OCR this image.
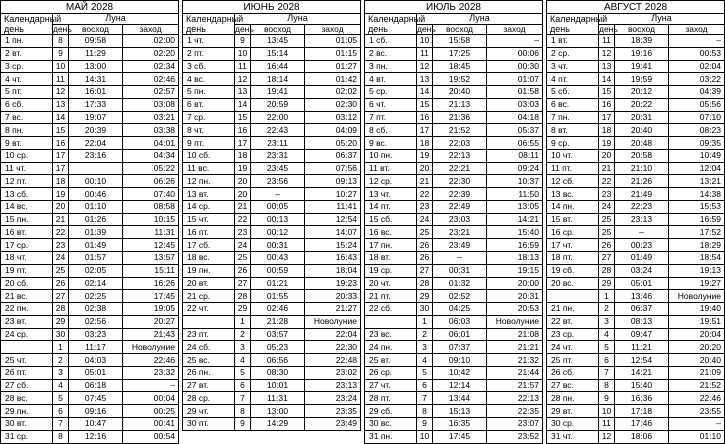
МАЙ 2028			
Календарный
день	Луна		
	день	восход	заход
1 пн.	8	09:58	02:00
2 вт.	9	11:29	02:20
3 ср.	10	13:00	02:34
4 чт.	11	14:31	02:46
5 пт.	12	16:01	02:57
6 сб.	13	17:33	03:08
7 вс.	14	19:07	03:21
8 пн.	15	20:39	03:38
9 вт.	16	22:04	04:01
10 ср.	17	23:16	04:34
11 чт.	17		05:22
12 пт.	18	00:10	06:26
13 сб.	19	00:46	07:40
14 вс.	20	01:10	08:58
15 пн.	21	01:26	10:15
16 вт.	22	01:39	11:31
17 ср.	23	01:49	12:45
18 чт.	24	01:57	13:57
19 пт.	25	02:05	15:11
20 сб.	26	02:14	16:26
21 вс.	27	02:25	17:45
22 пн.	28	02:38	19:05
23 вт.	29	02:56	20:27
24 ср.	30	03:23	21:43
	1	11:17	Новолуние
25 чт.	2	04:03	22:46
26 пт.	3	05:01	23:32
27 сб.	4	06:18	–
28 вс.	5	07:45	00:04
29 пн.	6	09:16	00:25
30 вт.	7	10:47	00:41
31 ср.	8	12:16	00:54
ИЮНЬ 2028			
Календарный
день	Луна		
	день	восход	заход
1 чт.	9	13:45	01:05
2 пт.	10	15:14	01:15
3 сб.	11	16:44	01:27
4 вс.	12	18:14	01:42
5 пн.	13	19:41	02:02
6 вт.	14	20:59	02:30
7 ср.	15	22:00	03:12
8 чт.	16	22:43	04:09
9 пт.	17	23:11	05:20
10 сб.	18	23:31	06:37
11 вс.	19	23:45	07:56
12 пн.	20	23:56	09:13
13 вт.	20	–	10:27
14 ср.	21	00:05	11:41
15 чт.	22	00:13	12:54
16 пт.	23	00:12	14:07
17 сб.	24	00:31	15:24
18 вс.	25	00:43	16:43
19 пн.	26	00:59	18:04
20 вт.	27	01:21	19:23
21 ср.	28	01:55	20:33
22 чт.	29	02:46	21:27
	1	21:28	Новолуние
23 пт.	2	03:57	22:04
24 сб.	3	05:23	22:30
25 вс.	4	06:56	22:48
26 пн.	5	08:30	23:02
27 вт.	6	10:01	23:13
28 ср.	7	11:31	23:24
29 чт.	8	13:00	23:35
30 пт.	9	14:29	23:49
ИЮЛЬ 2028			
Календарный
день	Луна		
	день	восход	заход
1 сб.	10	15:58	–
2 вс.	11	17:25	00:06
3 пн.	12	18:45	00:30
4 вт.	13	19:52	01:07
5 ср.	14	20:40	01:58
6 чт.	15	21:13	03:03
7 пт.	16	21:36	04:18
8 сб.	17	21:52	05:37
9 вс.	18	22:03	06:55
10 пн.	19	22:13	08:11
11 вт.	20	22:21	09:24
12 ср.	21	22:30	10:37
13 чт.	22	22:39	11:50
14 пт.	23	22:49	13:05
15 сб.	24	23:03	14:21
16 вс.	25	23:21	15:40
17 пн.	26	23:49	16:59
18 вт.	26	–	18:13
19 ср.	27	00:31	19:15
20 чт.	28	01:32	20:00
21 пт.	29	02:52	20:31
22 сб.	30	04:25	20:53
	1	06:03	Новолуние
23 вс.	2	06:01	21:08
24 пн.	3	07:37	21:21
25 вт.	4	09:10	21:32
26 ср.	5	10:42	21:44
27 чт.	6	12:14	21:57
28 пт.	7	13:44	22:13
29 сб.	8	15:13	22:35
30 вс.	9	16:35	23:07
31 пн.	10	17:45	23:52
АВГУСТ 2028			
Календарный
день	Луна		
	день	восход	заход
1 вт.	11	18:39	–
2 ср.	12	19:16	00:53
3 чт.	13	19:41	02:04
4 пт.	14	19:59	03:22
5 сб.	15	20:12	04:39
6 вс.	16	20:22	05:56
7 пн.	17	20:31	07:10
8 вт.	18	20:40	08:23
9 ср.	19	20:48	09:35
10 чт.	20	20:58	10:49
11 пт.	21	21:10	12:04
12 сб.	22	21:26	13:21
13 вс.	23	21:49	14:38
14 пн.	24	22:23	15:53
15 вт.	25	23:13	16:59
16 ср.	25	–	17:52
17 чт.	26	00:23	18:29
18 пт.	27	01:49	18:54
19 сб.	28	03:24	19:13
20 вс.	29	05:01	19:27
	1	13:46	Новолуние
21 пн.	2	06:37	19:40
22 вт.	3	08:13	19:51
23 ср.	4	09:47	20:04
24 чт.	5	11:21	20:20
25 пт.	6	12:54	20:40
26 сб.	7	14:21	21:09
27 вс.	8	15:40	21:52
28 пн.	9	16:36	22:46
29 вт.	10	17:18	23:55
30 ср.	11	17:46	–
31 чт.	12	18:06	01:10
